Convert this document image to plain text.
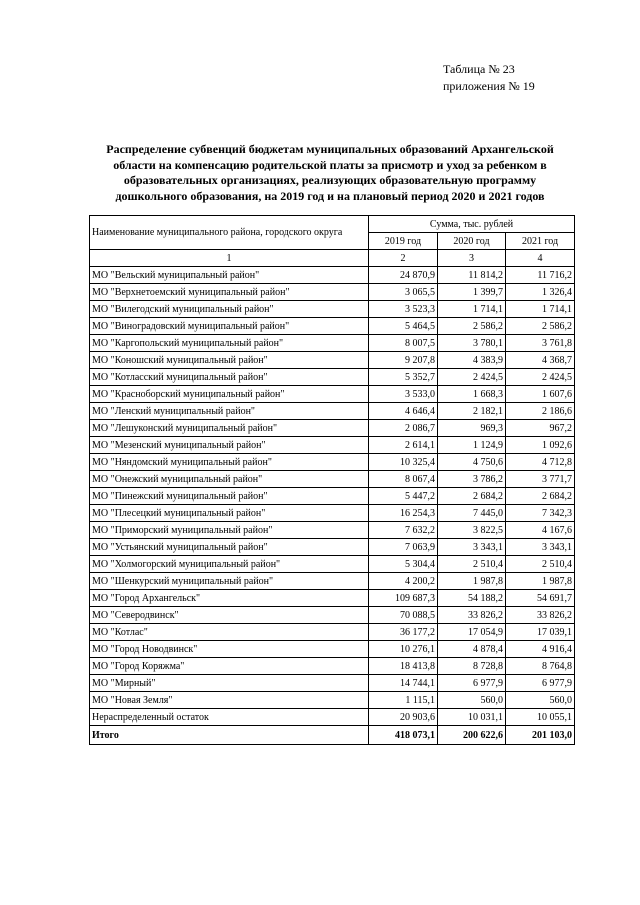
Таблица № 23
приложения № 19
Распределение субвенций бюджетам муниципальных образований Архангельской
области на компенсацию родительской платы за присмотр и уход за ребенком в
образовательных организациях, реализующих образовательную программу
дошкольного образования, на 2019 год и на плановый период 2020 и 2021 годов
Наименование муниципального района, городского округа	Сумма, тыс. рублей		
	2019 год	2020 год	2021 год
1	2	3	4
МО "Вельский муниципальный район"	24 870,9	11 814,2	11 716,2
МО "Верхнетоемский муниципальный район"	3 065,5	1 399,7	1 326,4
МО "Вилегодский муниципальный район"	3 523,3	1 714,1	1 714,1
МО "Виноградовский муниципальный район"	5 464,5	2 586,2	2 586,2
МО "Каргопольский муниципальный район"	8 007,5	3 780,1	3 761,8
МО "Коношский муниципальный район"	9 207,8	4 383,9	4 368,7
МО "Котласский муниципальный район"	5 352,7	2 424,5	2 424,5
МО "Красноборский муниципальный район"	3 533,0	1 668,3	1 607,6
МО "Ленский муниципальный район"	4 646,4	2 182,1	2 186,6
МО "Лешуконский муниципальный район"	2 086,7	969,3	967,2
МО "Мезенский муниципальный район"	2 614,1	1 124,9	1 092,6
МО "Няндомский муниципальный район"	10 325,4	4 750,6	4 712,8
МО "Онежский муниципальный район"	8 067,4	3 786,2	3 771,7
МО "Пинежский муниципальный район"	5 447,2	2 684,2	2 684,2
МО "Плесецкий муниципальный район"	16 254,3	7 445,0	7 342,3
МО "Приморский муниципальный район"	7 632,2	3 822,5	4 167,6
МО "Устьянский муниципальный район"	7 063,9	3 343,1	3 343,1
МО "Холмогорский муниципальный район"	5 304,4	2 510,4	2 510,4
МО "Шенкурский муниципальный район"	4 200,2	1 987,8	1 987,8
МО "Город Архангельск"	109 687,3	54 188,2	54 691,7
МО "Северодвинск"	70 088,5	33 826,2	33 826,2
МО "Котлас"	36 177,2	17 054,9	17 039,1
МО "Город Новодвинск"	10 276,1	4 878,4	4 916,4
МО "Город Коряжма"	18 413,8	8 728,8	8 764,8
МО "Мирный"	14 744,1	6 977,9	6 977,9
МО "Новая Земля"	1 115,1	560,0	560,0
Нераспределенный остаток	20 903,6	10 031,1	10 055,1
Итого	418 073,1	200 622,6	201 103,0
